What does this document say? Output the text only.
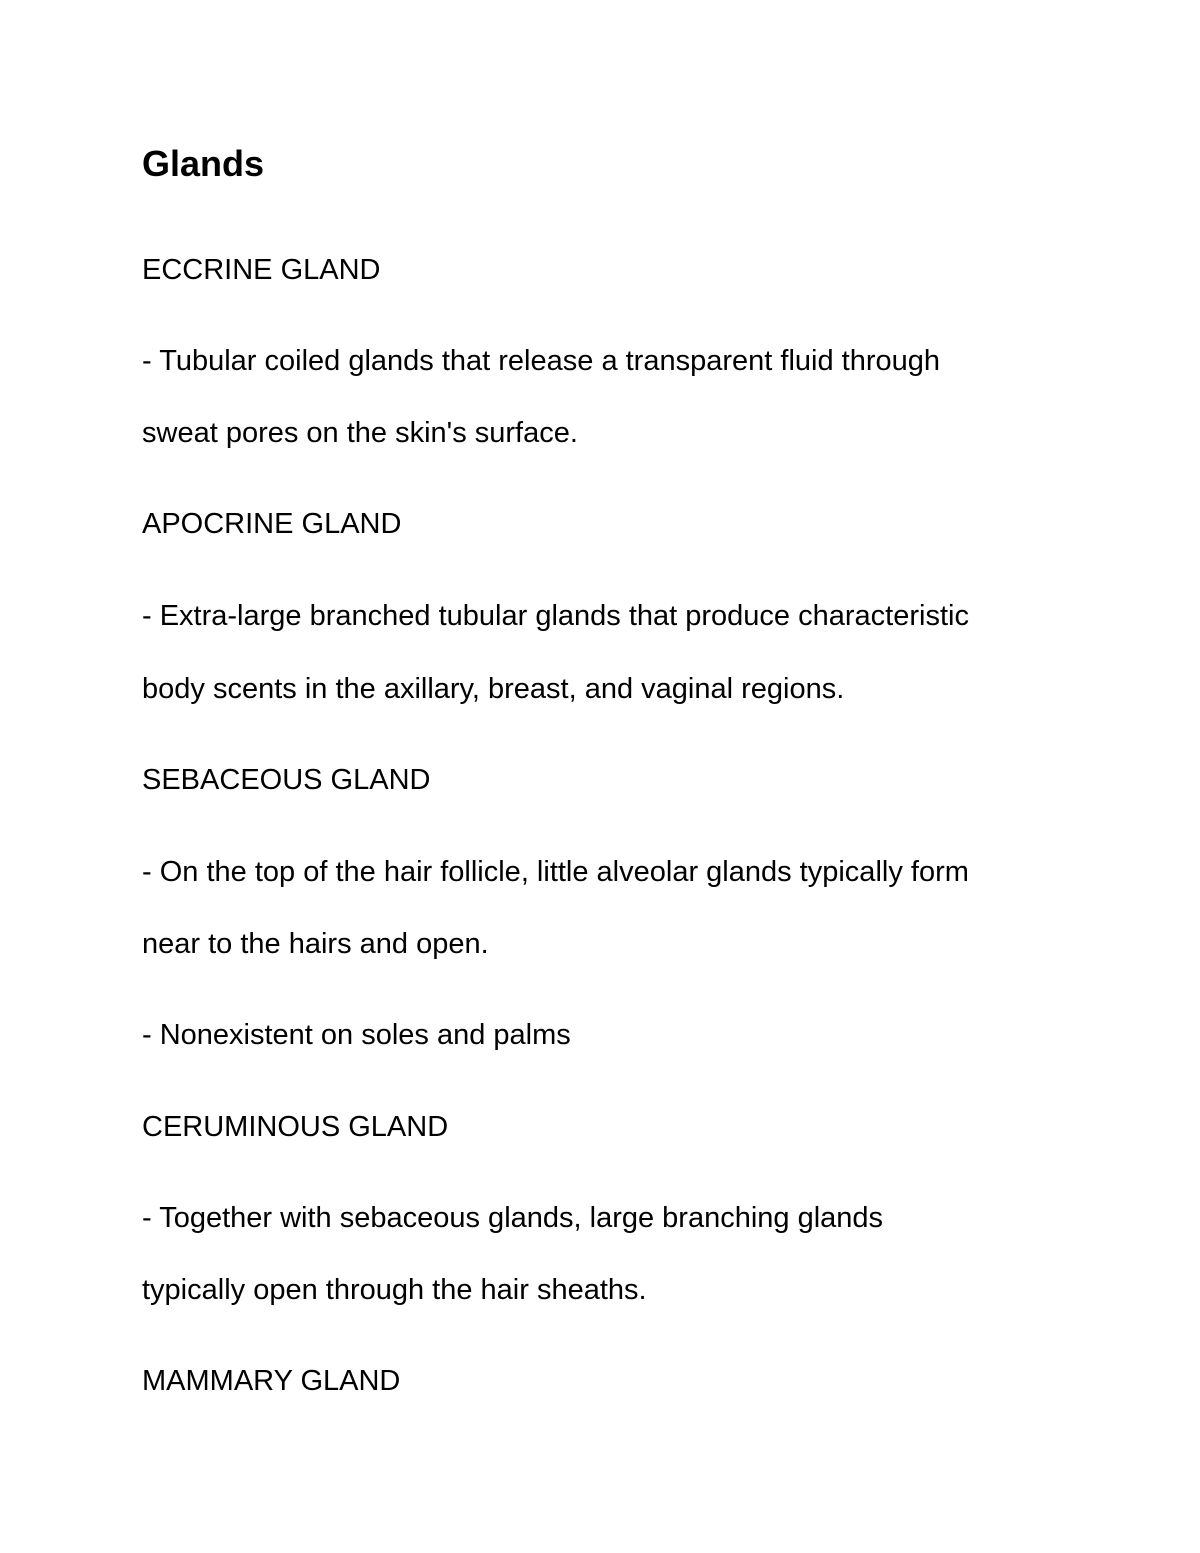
Glands
ECCRINE GLAND
- Tubular coiled glands that release a transparent fluid through
sweat pores on the skin's surface.
APOCRINE GLAND
- Extra-large branched tubular glands that produce characteristic
body scents in the axillary, breast, and vaginal regions.
SEBACEOUS GLAND
- On the top of the hair follicle, little alveolar glands typically form
near to the hairs and open.
- Nonexistent on soles and palms
CERUMINOUS GLAND
- Together with sebaceous glands, large branching glands
typically open through the hair sheaths.
MAMMARY GLAND
